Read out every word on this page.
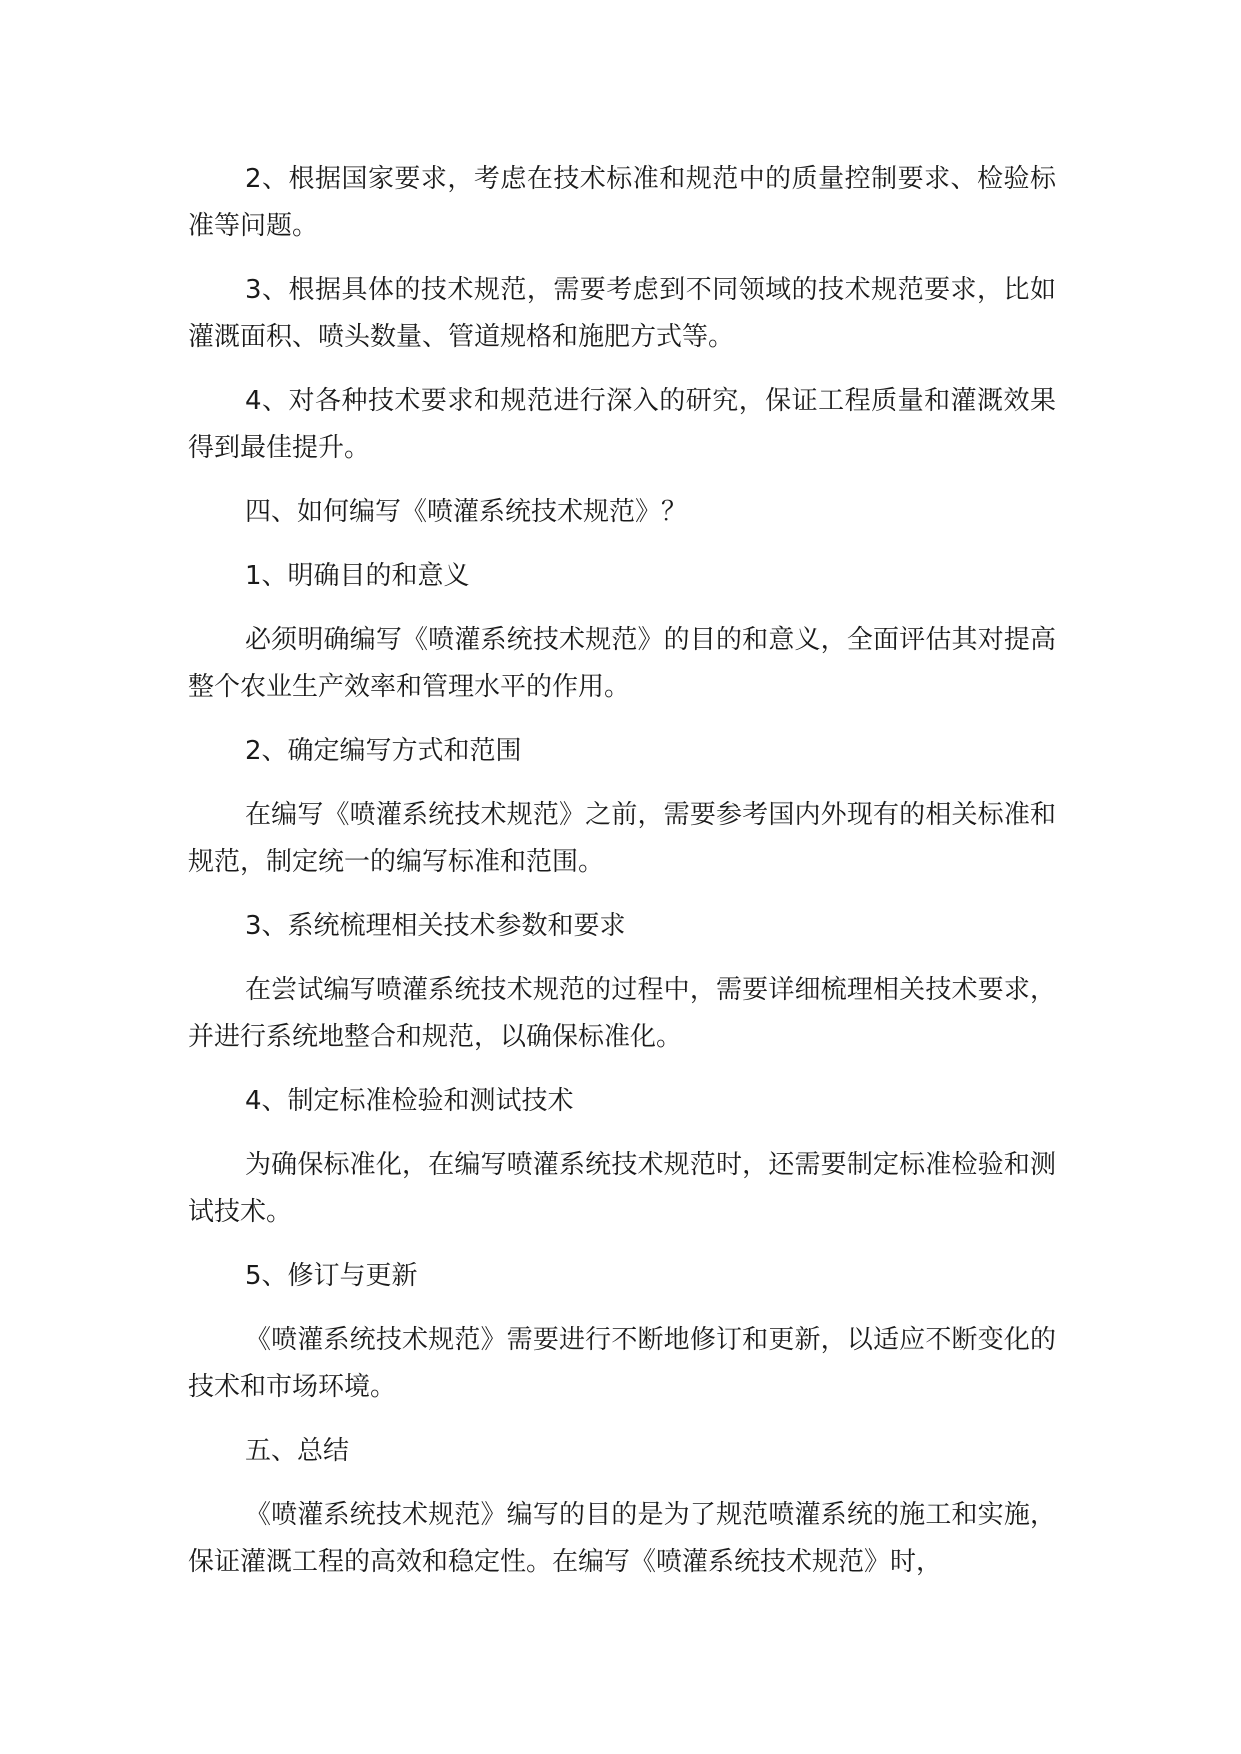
2、根据国家要求，考虑在技术标准和规范中的质量控制要求、检验标准等问题。

3、根据具体的技术规范，需要考虑到不同领域的技术规范要求，比如灌溉面积、喷头数量、管道规格和施肥方式等。

4、对各种技术要求和规范进行深入的研究，保证工程质量和灌溉效果得到最佳提升。

四、如何编写《喷灌系统技术规范》？

1、明确目的和意义

必须明确编写《喷灌系统技术规范》的目的和意义，全面评估其对提高整个农业生产效率和管理水平的作用。

2、确定编写方式和范围

在编写《喷灌系统技术规范》之前，需要参考国内外现有的相关标准和规范，制定统一的编写标准和范围。

3、系统梳理相关技术参数和要求

在尝试编写喷灌系统技术规范的过程中，需要详细梳理相关技术要求，并进行系统地整合和规范，以确保标准化。

4、制定标准检验和测试技术

为确保标准化，在编写喷灌系统技术规范时，还需要制定标准检验和测试技术。

5、修订与更新

《喷灌系统技术规范》需要进行不断地修订和更新，以适应不断变化的技术和市场环境。

五、总结

《喷灌系统技术规范》编写的目的是为了规范喷灌系统的施工和实施，保证灌溉工程的高效和稳定性。在编写《喷灌系统技术规范》时，
